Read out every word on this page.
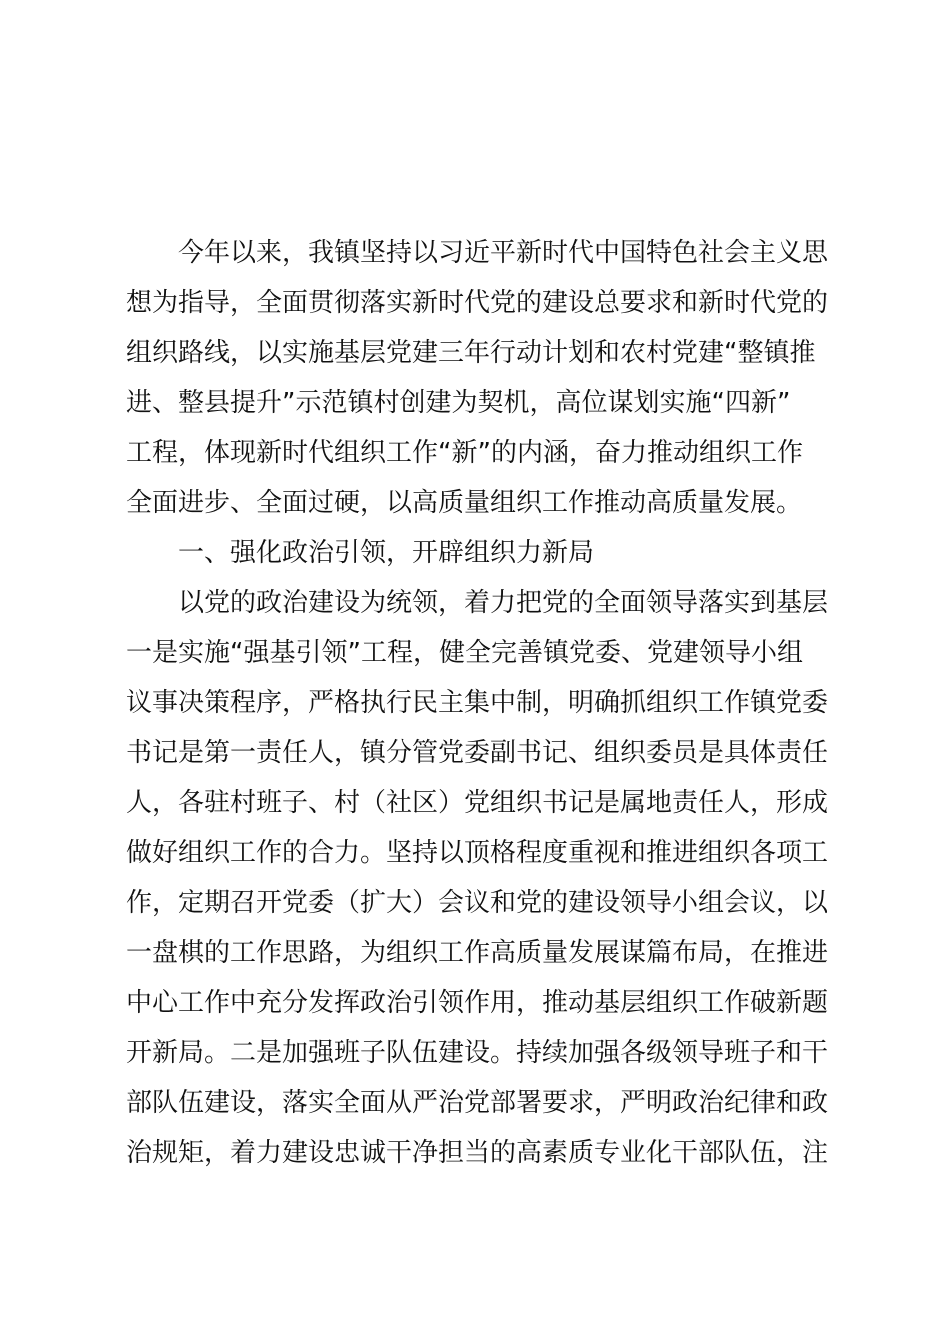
今年以来，我镇坚持以习近平新时代中国特色社会主义思
想为指导，全面贯彻落实新时代党的建设总要求和新时代党的
组织路线，以实施基层党建三年行动计划和农村党建“整镇推
进、整县提升”示范镇村创建为契机，高位谋划实施“四新”
工程，体现新时代组织工作“新”的内涵，奋力推动组织工作
全面进步、全面过硬，以高质量组织工作推动高质量发展。
一、强化政治引领，开辟组织力新局
以党的政治建设为统领，着力把党的全面领导落实到基层
一是实施“强基引领”工程，健全完善镇党委、党建领导小组
议事决策程序，严格执行民主集中制，明确抓组织工作镇党委
书记是第一责任人，镇分管党委副书记、组织委员是具体责任
人，各驻村班子、村（社区）党组织书记是属地责任人，形成
做好组织工作的合力。坚持以顶格程度重视和推进组织各项工
作，定期召开党委（扩大）会议和党的建设领导小组会议，以
一盘棋的工作思路，为组织工作高质量发展谋篇布局，在推进
中心工作中充分发挥政治引领作用，推动基层组织工作破新题
开新局。二是加强班子队伍建设。持续加强各级领导班子和干
部队伍建设，落实全面从严治党部署要求，严明政治纪律和政
治规矩，着力建设忠诚干净担当的高素质专业化干部队伍，注
